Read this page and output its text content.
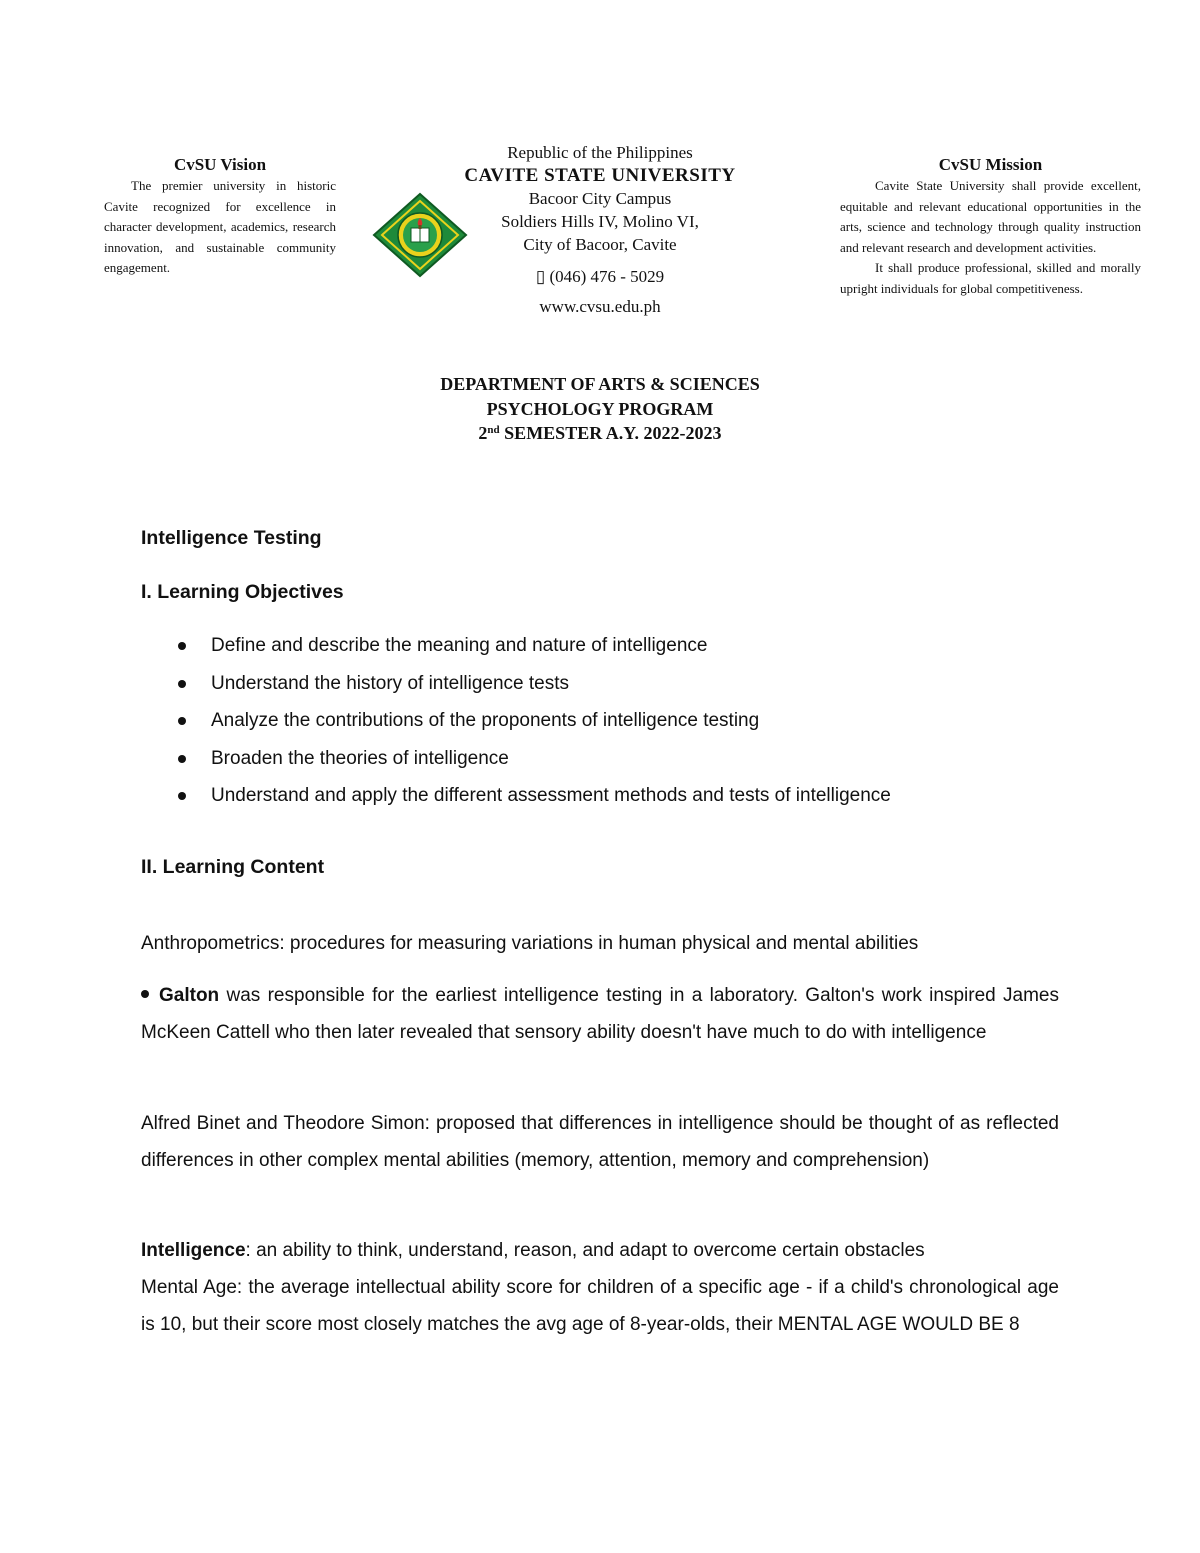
CvSU Vision
The premier university in historic Cavite recognized for excellence in character development, academics, research innovation, and sustainable community engagement.
Republic of the Philippines
CAVITE STATE UNIVERSITY
Bacoor City Campus
Soldiers Hills IV, Molino VI,
City of Bacoor, Cavite
▯ (046) 476 - 5029
www.cvsu.edu.ph
CvSU Mission
Cavite State University shall provide excellent, equitable and relevant educational opportunities in the arts, science and technology through quality instruction and relevant research and development activities.
It shall produce professional, skilled and morally upright individuals for global competitiveness.
DEPARTMENT OF ARTS & SCIENCES
PSYCHOLOGY PROGRAM
2nd SEMESTER A.Y. 2022-2023
Intelligence Testing
I. Learning Objectives
Define and describe the meaning and nature of intelligence
Understand the history of intelligence tests
Analyze the contributions of the proponents of intelligence testing
Broaden the theories of intelligence
Understand and apply the different assessment methods and tests of intelligence
II. Learning Content
Anthropometrics: procedures for measuring variations in human physical and mental abilities
Galton was responsible for the earliest intelligence testing in a laboratory. Galton's work inspired James McKeen Cattell who then later revealed that sensory ability doesn't have much to do with intelligence
Alfred Binet and Theodore Simon: proposed that differences in intelligence should be thought of as reflected differences in other complex mental abilities (memory, attention, memory and comprehension)
Intelligence: an ability to think, understand, reason, and adapt to overcome certain obstacles
Mental Age: the average intellectual ability score for children of a specific age - if a child's chronological age is 10, but their score most closely matches the avg age of 8-year-olds, their MENTAL AGE WOULD BE 8
